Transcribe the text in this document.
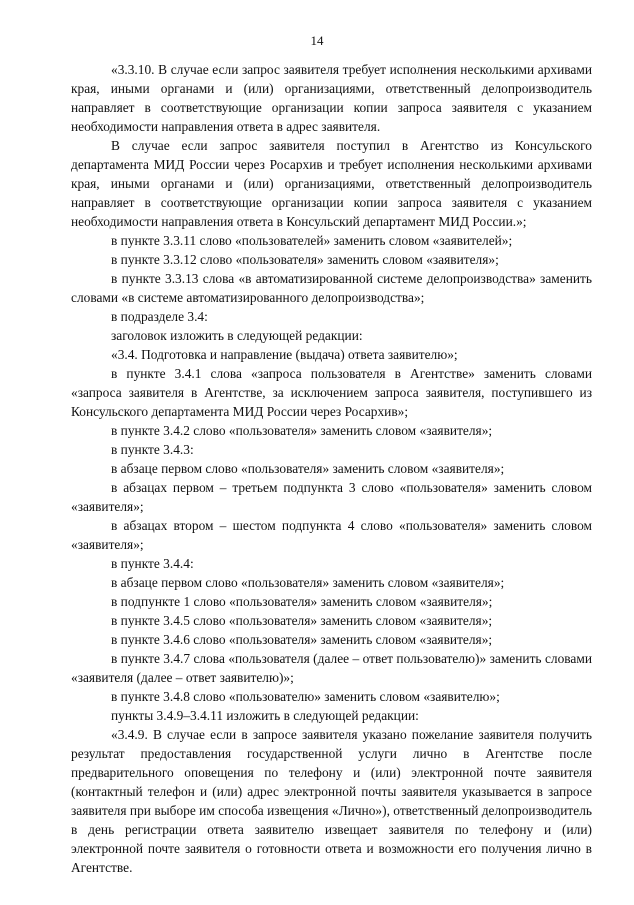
14

«3.3.10. В случае если запрос заявителя требует исполнения несколькими архивами края, иными органами и (или) организациями, ответственный делопроизводитель направляет в соответствующие организации копии запроса заявителя с указанием необходимости направления ответа в адрес заявителя.

В случае если запрос заявителя поступил в Агентство из Консульского департамента МИД России через Росархив и требует исполнения несколькими архивами края, иными органами и (или) организациями, ответственный делопроизводитель направляет в соответствующие организации копии запроса заявителя с указанием необходимости направления ответа в Консульский департамент МИД России.»;

в пункте 3.3.11 слово «пользователей» заменить словом «заявителей»;

в пункте 3.3.12 слово «пользователя» заменить словом «заявителя»;

в пункте 3.3.13 слова «в автоматизированной системе делопроизводства» заменить словами «в системе автоматизированного делопроизводства»;

в подразделе 3.4:

заголовок изложить в следующей редакции:

«3.4. Подготовка и направление (выдача) ответа заявителю»;

в пункте 3.4.1 слова «запроса пользователя в Агентстве» заменить словами «запроса заявителя в Агентстве, за исключением запроса заявителя, поступившего из Консульского департамента МИД России через Росархив»;

в пункте 3.4.2 слово «пользователя» заменить словом «заявителя»;

в пункте 3.4.3:

в абзаце первом слово «пользователя» заменить словом «заявителя»;

в абзацах первом – третьем подпункта 3 слово «пользователя» заменить словом «заявителя»;

в абзацах втором – шестом подпункта 4 слово «пользователя» заменить словом «заявителя»;

в пункте 3.4.4:

в абзаце первом слово «пользователя» заменить словом «заявителя»;

в подпункте 1 слово «пользователя» заменить словом «заявителя»;

в пункте 3.4.5 слово «пользователя» заменить словом «заявителя»;

в пункте 3.4.6 слово «пользователя» заменить словом «заявителя»;

в пункте 3.4.7 слова «пользователя (далее – ответ пользователю)» заменить словами «заявителя (далее – ответ заявителю)»;

в пункте 3.4.8 слово «пользователю» заменить словом «заявителю»;

пункты 3.4.9–3.4.11 изложить в следующей редакции:

«3.4.9. В случае если в запросе заявителя указано пожелание заявителя получить результат предоставления государственной услуги лично в Агентстве после предварительного оповещения по телефону и (или) электронной почте заявителя (контактный телефон и (или) адрес электронной почты заявителя указывается в запросе заявителя при выборе им способа извещения «Лично»), ответственный делопроизводитель в день регистрации ответа заявителю извещает заявителя по телефону и (или) электронной почте заявителя о готовности ответа и возможности его получения лично в Агентстве.
